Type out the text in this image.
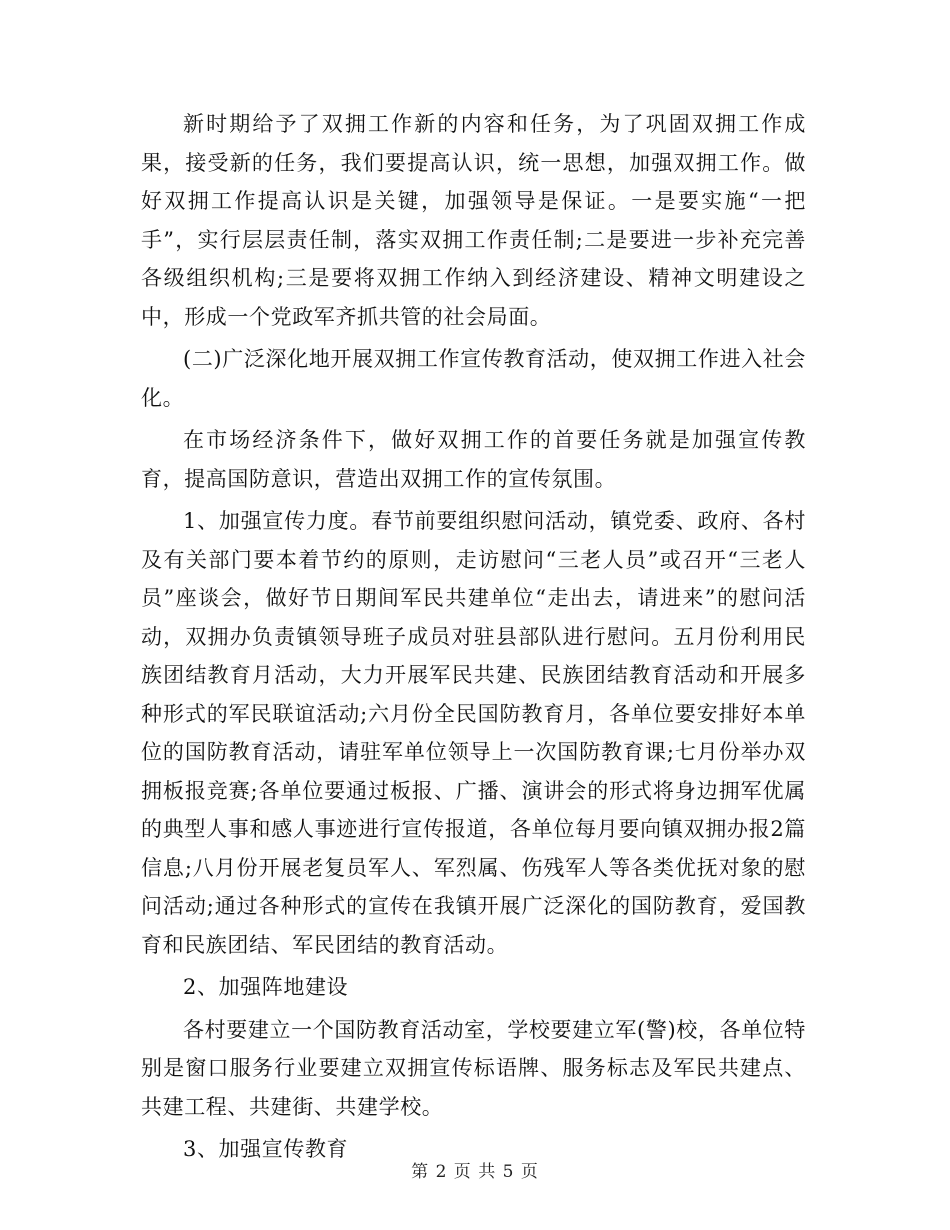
新时期给予了双拥工作新的内容和任务，为了巩固双拥工作成果，接受新的任务，我们要提高认识，统一思想，加强双拥工作。做好双拥工作提高认识是关键，加强领导是保证。一是要实施“一把手”，实行层层责任制，落实双拥工作责任制;二是要进一步补充完善各级组织机构;三是要将双拥工作纳入到经济建设、精神文明建设之中，形成一个党政军齐抓共管的社会局面。

(二)广泛深化地开展双拥工作宣传教育活动，使双拥工作进入社会化。

在市场经济条件下，做好双拥工作的首要任务就是加强宣传教育，提高国防意识，营造出双拥工作的宣传氛围。

1、加强宣传力度。春节前要组织慰问活动，镇党委、政府、各村及有关部门要本着节约的原则，走访慰问“三老人员”或召开“三老人员”座谈会，做好节日期间军民共建单位“走出去，请进来”的慰问活动，双拥办负责镇领导班子成员对驻县部队进行慰问。五月份利用民族团结教育月活动，大力开展军民共建、民族团结教育活动和开展多种形式的军民联谊活动;六月份全民国防教育月，各单位要安排好本单位的国防教育活动，请驻军单位领导上一次国防教育课;七月份举办双拥板报竞赛;各单位要通过板报、广播、演讲会的形式将身边拥军优属的典型人事和感人事迹进行宣传报道，各单位每月要向镇双拥办报2篇信息;八月份开展老复员军人、军烈属、伤残军人等各类优抚对象的慰问活动;通过各种形式的宣传在我镇开展广泛深化的国防教育，爱国教育和民族团结、军民团结的教育活动。

2、加强阵地建设

各村要建立一个国防教育活动室，学校要建立军(警)校，各单位特别是窗口服务行业要建立双拥宣传标语牌、服务标志及军民共建点、共建工程、共建街、共建学校。

3、加强宣传教育

第 2 页 共 5 页
